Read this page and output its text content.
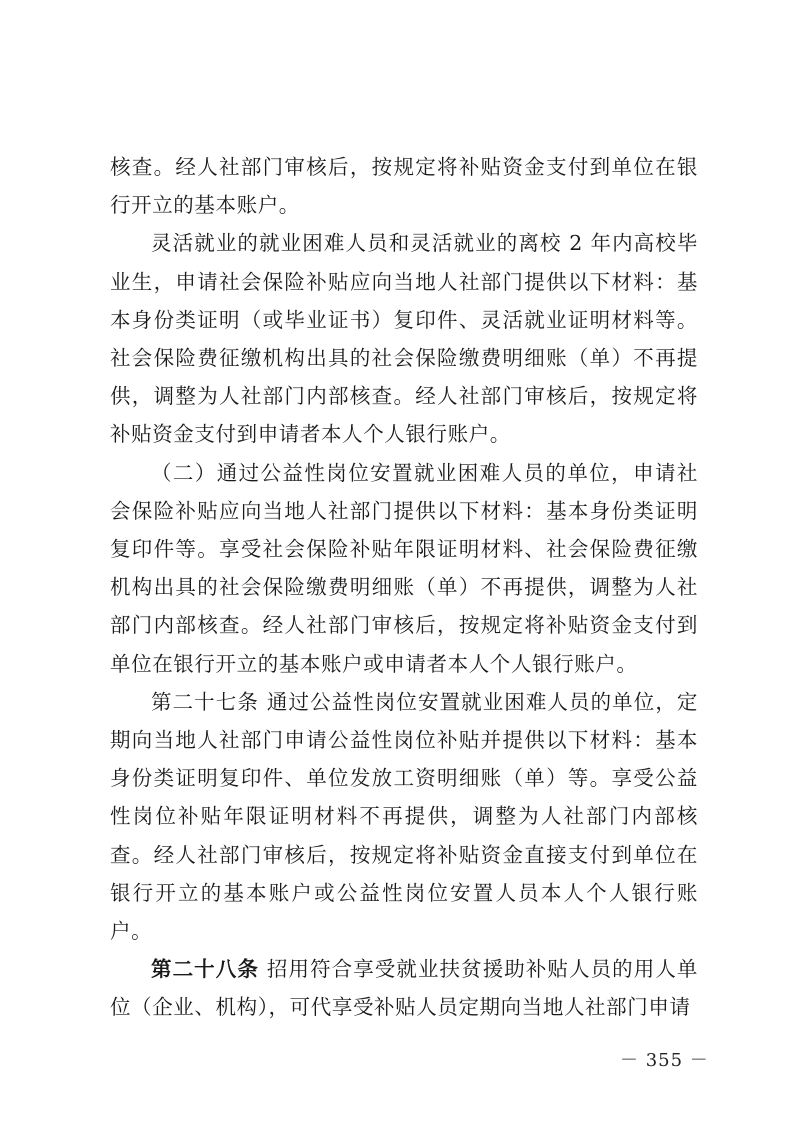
核查。经人社部门审核后，按规定将补贴资金支付到单位在银行开立的基本账户。

灵活就业的就业困难人员和灵活就业的离校 2 年内高校毕业生，申请社会保险补贴应向当地人社部门提供以下材料：基本身份类证明（或毕业证书）复印件、灵活就业证明材料等。社会保险费征缴机构出具的社会保险缴费明细账（单）不再提供，调整为人社部门内部核查。经人社部门审核后，按规定将补贴资金支付到申请者本人个人银行账户。

（二）通过公益性岗位安置就业困难人员的单位，申请社会保险补贴应向当地人社部门提供以下材料：基本身份类证明复印件等。享受社会保险补贴年限证明材料、社会保险费征缴机构出具的社会保险缴费明细账（单）不再提供，调整为人社部门内部核查。经人社部门审核后，按规定将补贴资金支付到单位在银行开立的基本账户或申请者本人个人银行账户。

第二十七条 通过公益性岗位安置就业困难人员的单位，定期向当地人社部门申请公益性岗位补贴并提供以下材料：基本身份类证明复印件、单位发放工资明细账（单）等。享受公益性岗位补贴年限证明材料不再提供，调整为人社部门内部核查。经人社部门审核后，按规定将补贴资金直接支付到单位在银行开立的基本账户或公益性岗位安置人员本人个人银行账户。

第二十八条 招用符合享受就业扶贫援助补贴人员的用人单位（企业、机构），可代享受补贴人员定期向当地人社部门申请

－ 355 －
